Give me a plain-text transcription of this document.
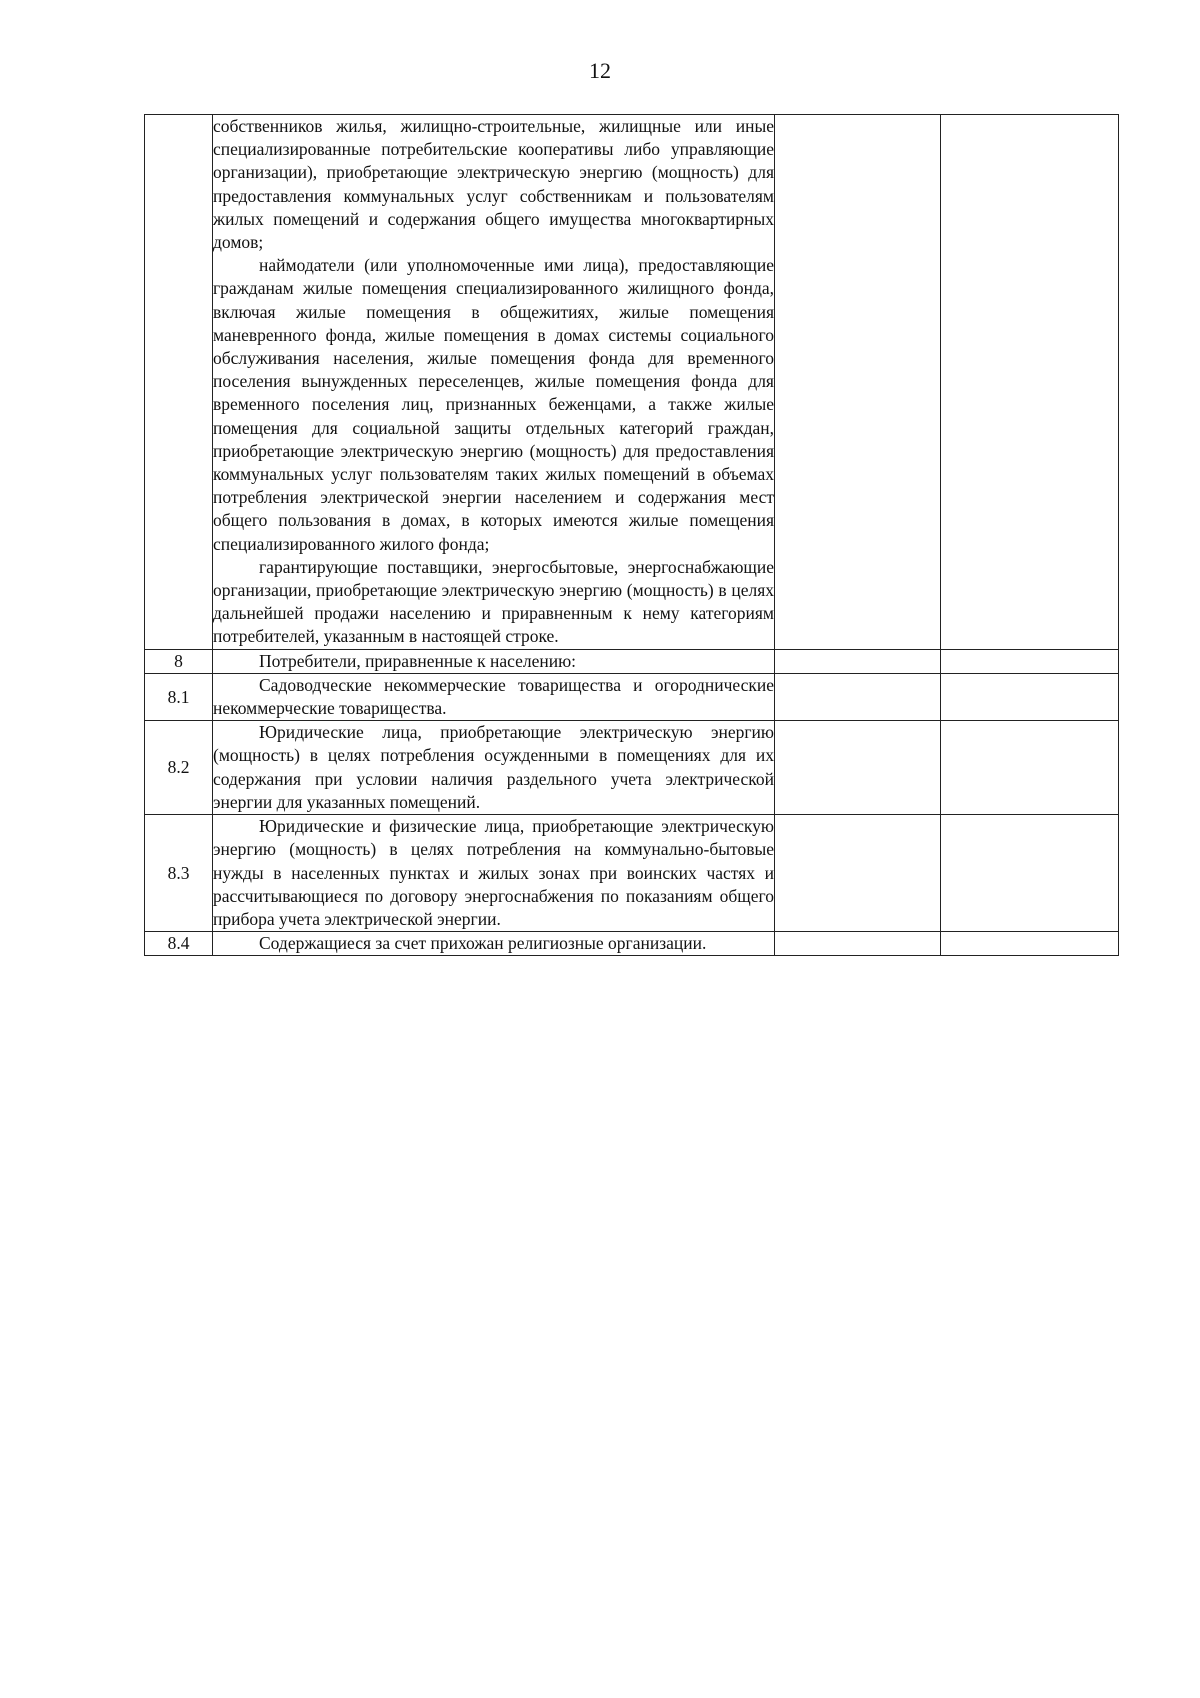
12

	собственников жилья, жилищно-строительные, жилищные или иные специализированные потребительские кооперативы либо управляющие организации), приобретающие электрическую энергию (мощность) для предоставления коммунальных услуг собственникам и пользователям жилых помещений и содержания общего имущества многоквартирных домов;

наймодатели (или уполномоченные ими лица), предоставляющие гражданам жилые помещения специализированного жилищного фонда, включая жилые помещения в общежитиях, жилые помещения маневренного фонда, жилые помещения в домах системы социального обслуживания населения, жилые помещения фонда для временного поселения вынужденных переселенцев, жилые помещения фонда для временного поселения лиц, признанных беженцами, а также жилые помещения для социальной защиты отдельных категорий граждан, приобретающие электрическую энергию (мощность) для предоставления коммунальных услуг пользователям таких жилых помещений в объемах потребления электрической энергии населением и содержания мест общего пользования в домах, в которых имеются жилые помещения специализированного жилого фонда;

гарантирующие поставщики, энергосбытовые, энергоснабжающие организации, приобретающие электрическую энергию (мощность) в целях дальнейшей продажи населению и приравненным к нему категориям потребителей, указанным в настоящей строке.		

8	Потребители, приравненные к населению:		

8.1	Садоводческие некоммерческие товарищества и огороднические некоммерческие товарищества.		

8.2	Юридические лица, приобретающие электрическую энергию (мощность) в целях потребления осужденными в помещениях для их содержания при условии наличия раздельного учета электрической энергии для указанных помещений.		

8.3	Юридические и физические лица, приобретающие электрическую энергию (мощность) в целях потребления на коммунально-бытовые нужды в населенных пунктах и жилых зонах при воинских частях и рассчитывающиеся по договору энергоснабжения по показаниям общего прибора учета электрической энергии.		

8.4	Содержащиеся за счет прихожан религиозные организации.		
